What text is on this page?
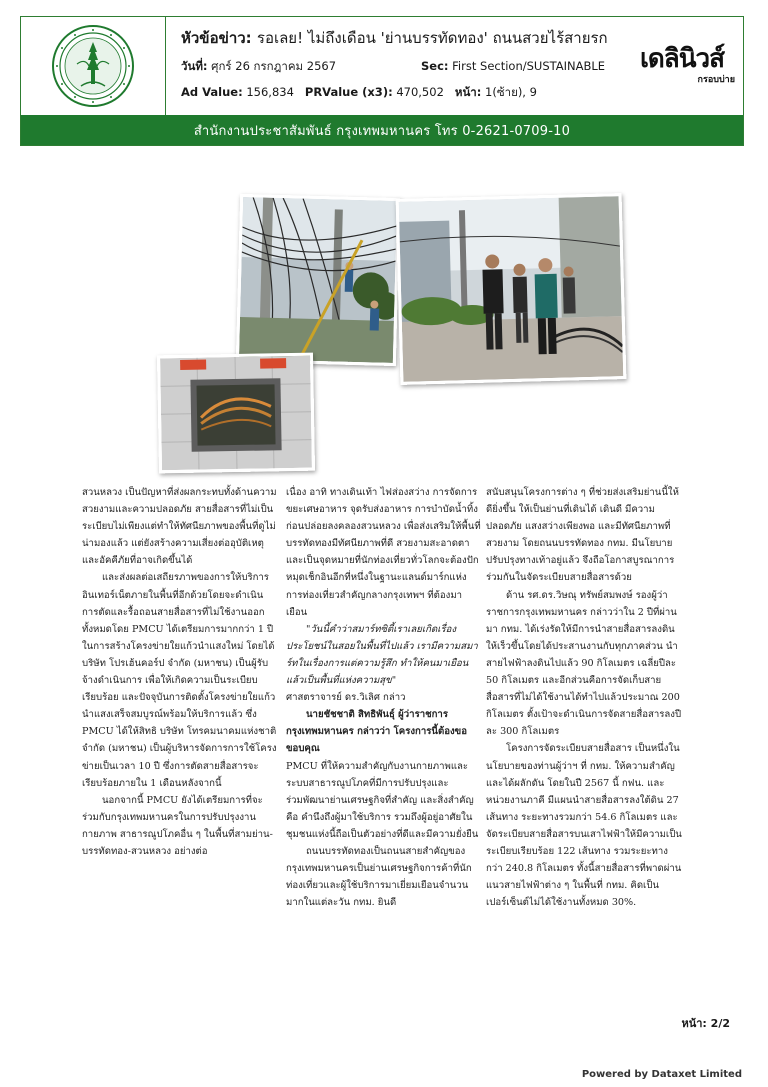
หัวข้อข่าว: รอเลย! ไม่ถึงเดือน 'ย่านบรรทัดทอง' ถนนสวยไร้สายรก
วันที่: ศุกร์ 26 กรกฎาคม 2567	Sec: First Section/SUSTAINABLE
Ad Value: 156,834 PRValue (x3): 470,502 หน้า: 1(ซ้าย), 9
เดลินิวส์
กรอบบ่าย
สำนักงานประชาสัมพันธ์ กรุงเทพมหานคร โทร 0-2621-0709-10

สวนหลวง เป็นปัญหาที่ส่งผลกระทบทั้งด้านความสวยงามและความปลอดภัย สายสื่อสารที่ไม่เป็นระเบียบไม่เพียงแต่ทำให้ทัศนียภาพของพื้นที่ดูไม่น่ามองแล้ว แต่ยังสร้างความเสี่ยงต่ออุบัติเหตุและอัคคีภัยที่อาจเกิดขึ้นได้

และส่งผลต่อเสถียรภาพของการให้บริการอินเทอร์เน็ตภายในพื้นที่อีกด้วยโดยจะดำเนินการตัดและรื้อถอนสายสื่อสารที่ไม่ใช้งานออกทั้งหมดโดย PMCU ได้เตรียมการมากกว่า 1 ปี ในการสร้างโครงข่ายใยแก้วนำแสงใหม่ โดยได้บริษัท โปรเฮ้นคอร์ป จำกัด (มหาชน) เป็นผู้รับจ้างดำเนินการ เพื่อให้เกิดความเป็นระเบียบเรียบร้อย และปัจจุบันการติดตั้งโครงข่ายใยแก้วนำแสงเสร็จสมบูรณ์พร้อมให้บริการแล้ว ซึ่ง PMCU ได้ให้สิทธิ บริษัท โทรคมนาคมแห่งชาติ จำกัด (มหาชน) เป็นผู้บริหารจัดการการใช้โครงข่ายเป็นเวลา 10 ปี ซึ่งการตัดสายสื่อสารจะเรียบร้อยภายใน 1 เดือนหลังจากนี้

นอกจากนี้ PMCU ยังได้เตรียมการที่จะร่วมกับกรุงเทพมหานครในการปรับปรุงงานกายภาพ สาธารณูปโภคอื่น ๆ ในพื้นที่สามย่าน-บรรทัดทอง-สวนหลวง อย่างต่อ

เนื่อง อาทิ ทางเดินเท้า ไฟส่องสว่าง การจัดการขยะเศษอาหาร จุดรับส่งอาหาร การบำบัดน้ำทิ้งก่อนปล่อยลงคลองสวนหลวง เพื่อส่งเสริมให้พื้นที่บรรทัดทองมีทัศนียภาพที่ดี สวยงามสะอาดตาและเป็นจุดหมายที่นักท่องเที่ยวทั่วโลกจะต้องปักหมุดเช็กอินอีกที่หนึ่งในฐานะแลนด์มาร์กแห่งการท่องเที่ยวสำคัญกลางกรุงเทพฯ ที่ต้องมาเยือน

"วันนี้คำว่าสมาร์ทซิตี้เราเลยเกิดเรื่องประโยชน์ในสอยในพื้นที่ไปแล้ว เรามีความสมาร์ทในเรื่องการแต่ความรู้สึก ทำให้คนมาเยือนแล้วเป็นพื้นที่แห่งความสุข"

ศาสตราจารย์ ดร.วิเลิศ กล่าว

นายชัชชาติ สิทธิพันธุ์ ผู้ว่าราชการกรุงเทพมหานคร กล่าวว่า โครงการนี้ต้องขอขอบคุณ

PMCU ที่ให้ความสำคัญกับงานกายภาพและระบบสาธารณูปโภคที่มีการปรับปรุงและร่วมพัฒนาย่านเศรษฐกิจที่สำคัญ และสิ่งสำคัญ คือ คำนึงถึงผู้มาใช้บริการ รวมถึงผู้อยู่อาศัยในชุมชนแห่งนี้ถือเป็นตัวอย่างที่ดีและมีความยั่งยืน

ถนนบรรทัดทองเป็นถนนสายสำคัญของกรุงเทพมหานครเป็นย่านเศรษฐกิจการค้าที่นักท่องเที่ยวและผู้ใช้บริการมาเยี่ยมเยือนจำนวนมากในแต่ละวัน กทม. ยินดี

สนับสนุนโครงการต่าง ๆ ที่ช่วยส่งเสริมย่านนี้ให้ดียิ่งขึ้น ให้เป็นย่านที่เดินได้ เดินดี มีความปลอดภัย แสงสว่างเพียงพอ และมีทัศนียภาพที่สวยงาม โดยถนนบรรทัดทอง กทม. มีนโยบายปรับปรุงทางเท้าอยู่แล้ว จึงถือโอกาสบูรณาการร่วมกันในจัดระเบียบสายสื่อสารด้วย

ด้าน รศ.ดร.วิษณุ ทรัพย์สมพงษ์ รองผู้ว่าราชการกรุงเทพมหานคร กล่าวว่าใน 2 ปีที่ผ่านมา กทม. ได้เร่งรัดให้มีการนำสายสื่อสารลงดินให้เร็วขึ้นโดยได้ประสานงานกับทุกภาคส่วน นำสายไฟฟ้าลงดินไปแล้ว 90 กิโลเมตร เฉลี่ยปีละ 50 กิโลเมตร และอีกส่วนคือการจัดเก็บสายสื่อสารที่ไม่ได้ใช้งานได้ทำไปแล้วประมาณ 200 กิโลเมตร ตั้งเป้าจะดำเนินการจัดสายสื่อสารลงปีละ 300 กิโลเมตร

โครงการจัดระเบียบสายสื่อสาร เป็นหนึ่งในนโยบายของท่านผู้ว่าฯ ที่ กทม. ให้ความสำคัญและได้ผลักดัน โดยในปี 2567 นี้ กฟน. และหน่วยงานภาคี มีแผนนำสายสื่อสารลงใต้ดิน 27 เส้นทาง ระยะทางรวมกว่า 54.6 กิโลเมตร และจัดระเบียบสายสื่อสารบนเสาไฟฟ้าให้มีความเป็นระเบียบเรียบร้อย 122 เส้นทาง รวมระยะทางกว่า 240.8 กิโลเมตร ทั้งนี้สายสื่อสารที่พาดผ่านแนวสายไฟฟ้าต่าง ๆ ในพื้นที่ กทม. คิดเป็นเปอร์เซ็นต์ไม่ได้ใช้งานทั้งหมด 30%.

หน้า: 2/2
Powered by Dataxet Limited
